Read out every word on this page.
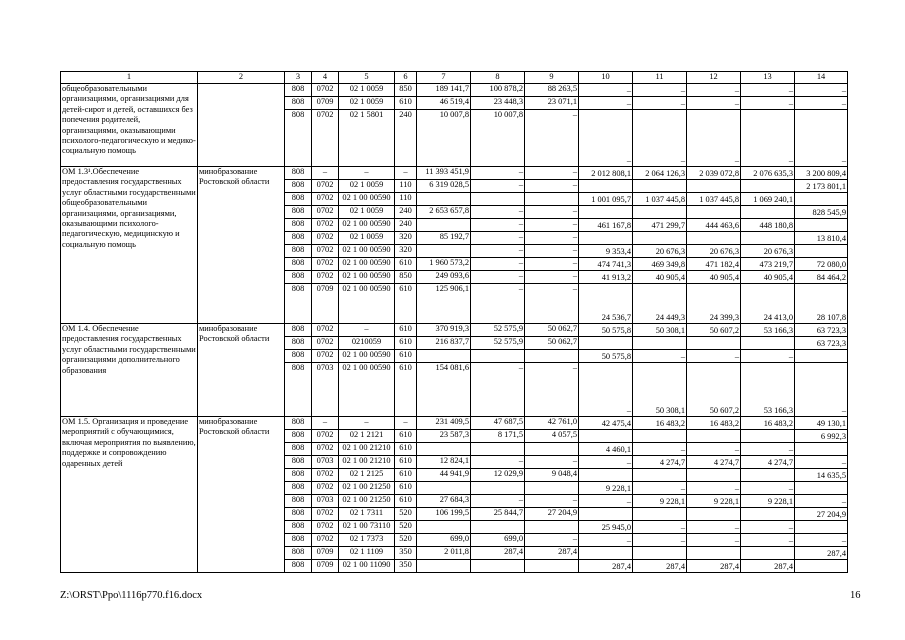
1	2	3	4	5	6	7	8	9	10	11	12	13	14
общеобразовательными организациями, организациями для детей-сирот и детей, оставшихся без попечения родителей, организациями, оказывающими психолого-педагогическую и медико-социальную помощь		808	0702	02 1 0059	850	189 141,7	100 878,2	88 263,5	–	–	–	–	–
		808	0709	02 1 0059	610	46 519,4	23 448,3	23 071,1	–	–	–	–	–
		808	0702	02 1 5801	240	10 007,8	10 007,8	–	–	–	–	–	–
ОМ 1.3¹.Обеспечение предоставления государственных услуг областными государственными общеобразовательными организациями, организациями, оказывающими психолого-педагогическую, медицинскую и социальную помощь	минобразование Ростовской области	808	–	–	–	11 393 451,9	–	–	2 012 808,1	2 064 126,3	2 039 072,8	2 076 635,3	3 200 809,4
		808	0702	02 1 0059	110	6 319 028,5	–	–					2 173 801,1
		808	0702	02 1 00 00590	110				1 001 095,7	1 037 445,8	1 037 445,8	1 069 240,1	
		808	0702	02 1 0059	240	2 653 657,8	–	–					828 545,9
		808	0702	02 1 00 00590	240		–	–	461 167,8	471 299,7	444 463,6	448 180,8	
		808	0702	02 1 0059	320	85 192,7	–	–					13 810,4
		808	0702	02 1 00 00590	320		–	–	9 353,4	20 676,3	20 676,3	20 676,3	
		808	0702	02 1 00 00590	610	1 960 573,2	–	–	474 741,3	469 349,8	471 182,4	473 219,7	72 080,0
		808	0702	02 1 00 00590	850	249 093,6	–	–	41 913,2	40 905,4	40 905,4	40 905,4	84 464,2
		808	0709	02 1 00 00590	610	125 906,1	–	–	24 536,7	24 449,3	24 399,3	24 413,0	28 107,8
ОМ 1.4. Обеспечение предоставления государственных услуг областными государственными организациями дополнительного образования	минобразование Ростовской области	808	0702	–	610	370 919,3	52 575,9	50 062,7	50 575,8	50 308,1	50 607,2	53 166,3	63 723,3
		808	0702	0210059	610	216 837,7	52 575,9	50 062,7					63 723,3
		808	0702	02 1 00 00590	610				50 575,8	–	–	–	
		808	0703	02 1 00 00590	610	154 081,6	–	–	–	50 308,1	50 607,2	53 166,3	–
ОМ 1.5. Организация и проведение мероприятий с обучающимися, включая мероприятия по выявлению, поддержке и сопровождению одаренных детей	минобразование Ростовской области	808	–	–	–	231 409,5	47 687,5	42 761,0	42 475,4	16 483,2	16 483,2	16 483,2	49 130,1
		808	0702	02 1 2121	610	23 587,3	8 171,5	4 057,5					6 992,3
		808	0702	02 1 00 21210	610				4 460,1	–	–	–	
		808	0703	02 1 00 21210	610	12 824,1	–	–	–	4 274,7	4 274,7	4 274,7	–
		808	0702	02 1 2125	610	44 941,9	12 029,9	9 048,4					14 635,5
		808	0702	02 1 00 21250	610				9 228,1	–	–	–	
		808	0703	02 1 00 21250	610	27 684,3	–	–	–	9 228,1	9 228,1	9 228,1	–
		808	0702	02 1 7311	520	106 199,5	25 844,7	27 204,9					27 204,9
		808	0702	02 1 00 73110	520				25 945,0	–	–	–	
		808	0702	02 1 7373	520	699,0	699,0	–	–	–	–	–	–
		808	0709	02 1 1109	350	2 011,8	287,4	287,4					287,4
		808	0709	02 1 00 11090	350				287,4	287,4	287,4	287,4	
Z:\ORST\Ppo\1116p770.f16.docx	16
